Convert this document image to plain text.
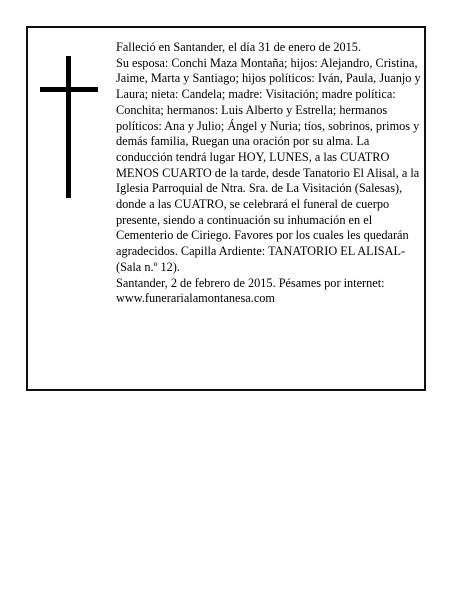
Falleció en Santander, el día 31 de enero de 2015.

Su esposa: Conchi Maza Montaña; hijos: Alejandro, Cristina, Jaime, Marta y Santiago; hijos políticos: Iván, Paula, Juanjo y Laura; nieta: Candela; madre: Visitación; madre política: Conchita; hermanos: Luis Alberto y Estrella; hermanos políticos: Ana y Julio; Ángel y Nuria; tíos, sobrinos, primos y demás familia, Ruegan una oración por su alma. La conducción tendrá lugar HOY, LUNES, a las CUATRO MENOS CUARTO de la tarde, desde Tanatorio El Alisal, a la Iglesia Parroquial de Ntra. Sra. de La Visitación (Salesas), donde a las CUATRO, se celebrará el funeral de cuerpo presente, siendo a continuación su inhumación en el Cementerio de Ciriego. Favores por los cuales les quedarán agradecidos. Capilla Ardiente: TANATORIO EL ALISAL-(Sala n.º 12).

Santander, 2 de febrero de 2015. Pésames por internet: www.funerarialamontanesa.com
